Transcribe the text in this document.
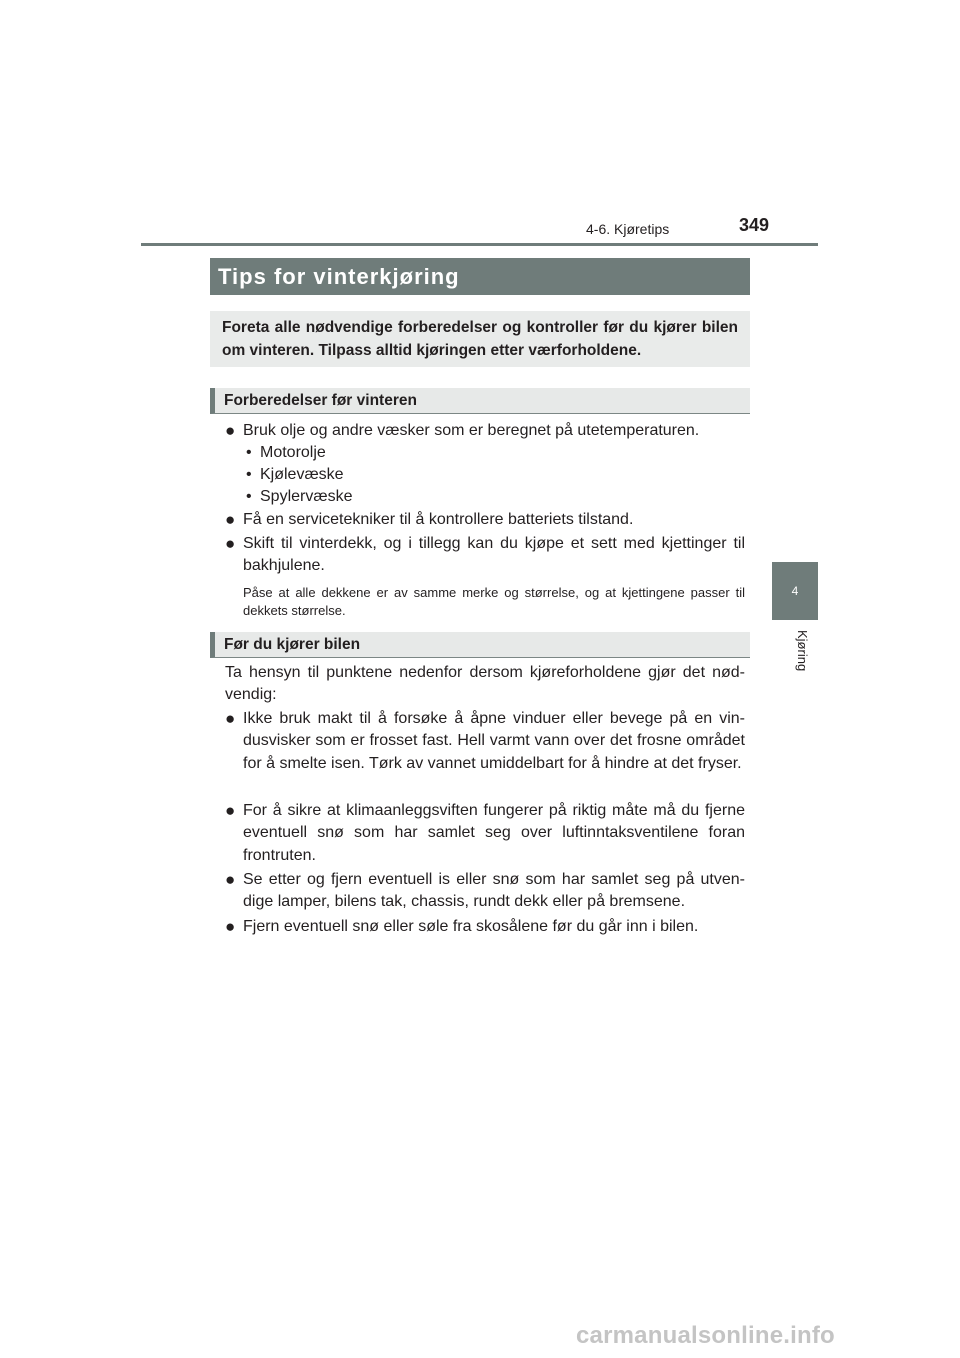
4-6. Kjøretips	349
4
Kjøring
Tips for vinterkjøring
Foreta alle nødvendige forberedelser og kontroller før du kjører bilen om vinteren. Tilpass alltid kjøringen etter værforholdene.
Forberedelser før vinteren
● Bruk olje og andre væsker som er beregnet på utetemperaturen.
• Motorolje
• Kjølevæske
• Spylervæske
● Få en servicetekniker til å kontrollere batteriets tilstand.
● Skift til vinterdekk, og i tillegg kan du kjøpe et sett med kjettinger til bakhjulene.
Påse at alle dekkene er av samme merke og størrelse, og at kjettingene passer til dekkets størrelse.
Før du kjører bilen
Ta hensyn til punktene nedenfor dersom kjøreforholdene gjør det nød-vendig:
● Ikke bruk makt til å forsøke å åpne vinduer eller bevege på en vin-dusvisker som er frosset fast. Hell varmt vann over det frosne området for å smelte isen. Tørk av vannet umiddelbart for å hindre at det fryser.
● For å sikre at klimaanleggsviften fungerer på riktig måte må du fjerne eventuell snø som har samlet seg over luftinntaksventilene foran frontruten.
● Se etter og fjern eventuell is eller snø som har samlet seg på utven-dige lamper, bilens tak, chassis, rundt dekk eller på bremsene.
● Fjern eventuell snø eller søle fra skosålene før du går inn i bilen.
carmanualsonline.info
